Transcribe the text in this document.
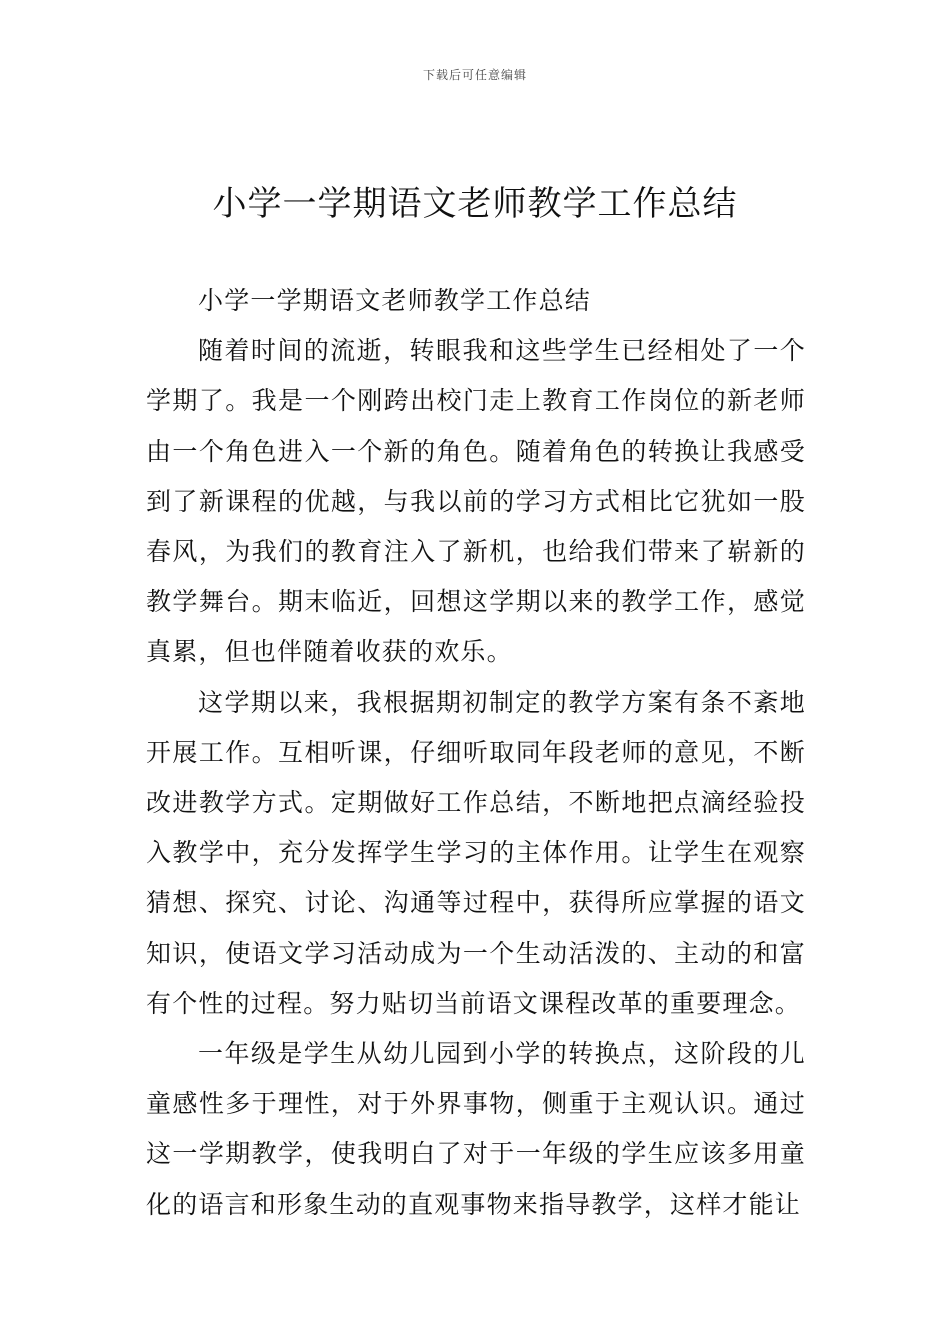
下载后可任意编辑
小学一学期语文老师教学工作总结

小学一学期语文老师教学工作总结

随着时间的流逝，转眼我和这些学生已经相处了一个学期了。我是一个刚跨出校门走上教育工作岗位的新老师由一个角色进入一个新的角色。随着角色的转换让我感受到了新课程的优越，与我以前的学习方式相比它犹如一股春风，为我们的教育注入了新机，也给我们带来了崭新的教学舞台。期末临近，回想这学期以来的教学工作，感觉真累，但也伴随着收获的欢乐。

这学期以来，我根据期初制定的教学方案有条不紊地开展工作。互相听课，仔细听取同年段老师的意见，不断改进教学方式。定期做好工作总结，不断地把点滴经验投入教学中，充分发挥学生学习的主体作用。让学生在观察猜想、探究、讨论、沟通等过程中，获得所应掌握的语文知识，使语文学习活动成为一个生动活泼的、主动的和富有个性的过程。努力贴切当前语文课程改革的重要理念。

一年级是学生从幼儿园到小学的转换点，这阶段的儿童感性多于理性，对于外界事物，侧重于主观认识。通过这一学期教学，使我明白了对于一年级的学生应该多用童化的语言和形象生动的直观事物来指导教学，这样才能让
